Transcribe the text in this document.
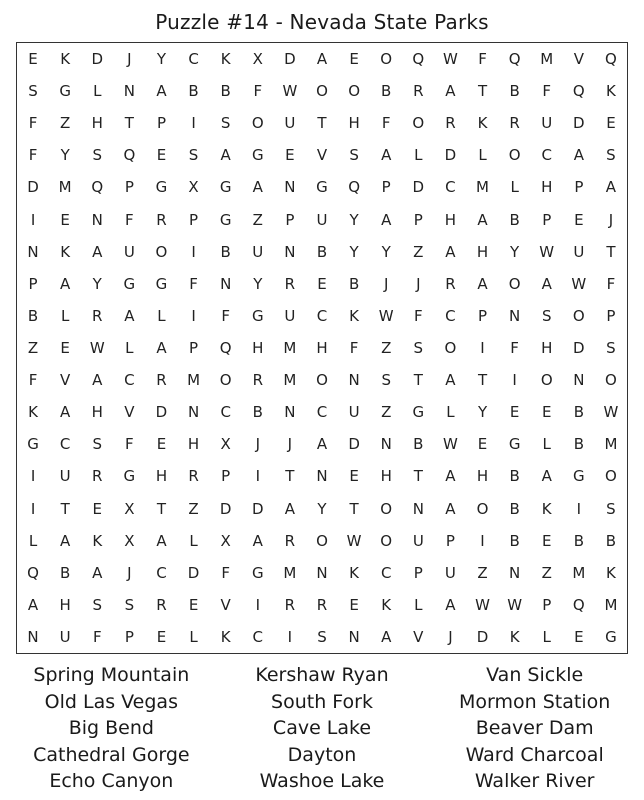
Puzzle #14 - Nevada State Parks
E	K	D	J	Y	C	K	X	D	A	E	O	Q	W	F	Q	M	V	Q
S	G	L	N	A	B	B	F	W	O	O	B	R	A	T	B	F	Q	K
F	Z	H	T	P	I	S	O	U	T	H	F	O	R	K	R	U	D	E
F	Y	S	Q	E	S	A	G	E	V	S	A	L	D	L	O	C	A	S
D	M	Q	P	G	X	G	A	N	G	Q	P	D	C	M	L	H	P	A
I	E	N	F	R	P	G	Z	P	U	Y	A	P	H	A	B	P	E	J
N	K	A	U	O	I	B	U	N	B	Y	Y	Z	A	H	Y	W	U	T
P	A	Y	G	G	F	N	Y	R	E	B	J	J	R	A	O	A	W	F
B	L	R	A	L	I	F	G	U	C	K	W	F	C	P	N	S	O	P
Z	E	W	L	A	P	Q	H	M	H	F	Z	S	O	I	F	H	D	S
F	V	A	C	R	M	O	R	M	O	N	S	T	A	T	I	O	N	O
K	A	H	V	D	N	C	B	N	C	U	Z	G	L	Y	E	E	B	W
G	C	S	F	E	H	X	J	J	A	D	N	B	W	E	G	L	B	M
I	U	R	G	H	R	P	I	T	N	E	H	T	A	H	B	A	G	O
I	T	E	X	T	Z	D	D	A	Y	T	O	N	A	O	B	K	I	S
L	A	K	X	A	L	X	A	R	O	W	O	U	P	I	B	E	B	B
Q	B	A	J	C	D	F	G	M	N	K	C	P	U	Z	N	Z	M	K
A	H	S	S	R	E	V	I	R	R	E	K	L	A	W	W	P	Q	M
N	U	F	P	E	L	K	C	I	S	N	A	V	J	D	K	L	E	G
Spring Mountain
Old Las Vegas
Big Bend
Cathedral Gorge
Echo Canyon
Kershaw Ryan
South Fork
Cave Lake
Dayton
Washoe Lake
Van Sickle
Mormon Station
Beaver Dam
Ward Charcoal
Walker River
